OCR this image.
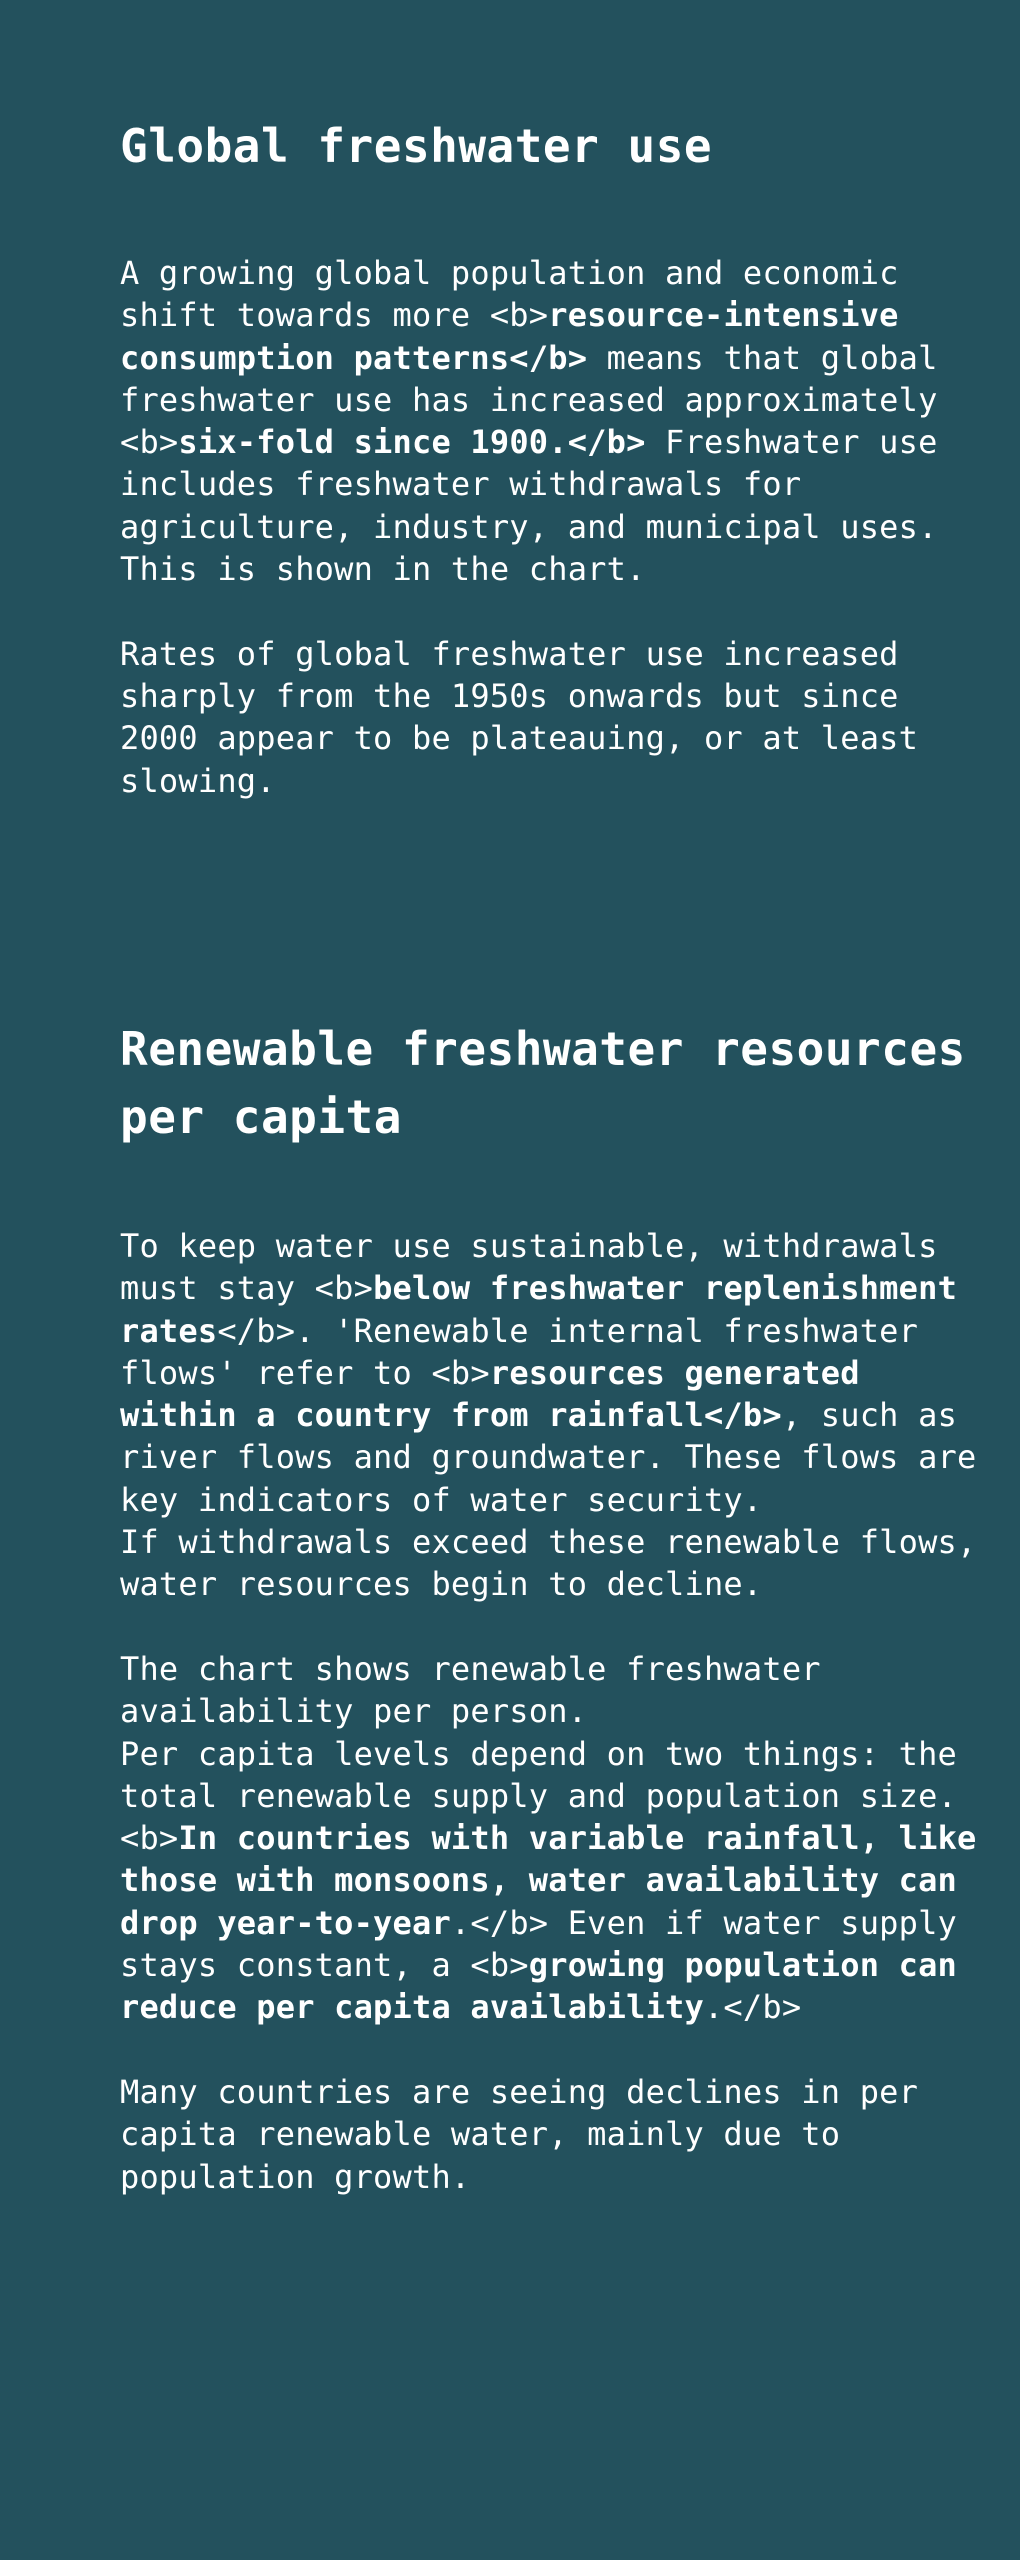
Global freshwater use

A growing global population and economic shift towards more <b>resource-intensive consumption patterns</b> means that global freshwater use has increased approximately <b>six-fold since 1900.</b> Freshwater use includes freshwater withdrawals for agriculture, industry, and municipal uses. This is shown in the chart.

Rates of global freshwater use increased sharply from the 1950s onwards but since 2000 appear to be plateauing, or at least slowing.

Renewable freshwater resources per capita

To keep water use sustainable, withdrawals must stay <b>below freshwater replenishment rates</b>. 'Renewable internal freshwater flows' refer to <b>resources generated within a country from rainfall</b>, such as river flows and groundwater. These flows are key indicators of water security.

If withdrawals exceed these renewable flows, water resources begin to decline.

The chart shows renewable freshwater availability per person.

Per capita levels depend on two things: the total renewable supply and population size. <b>In countries with variable rainfall, like those with monsoons, water availability can drop year-to-year.</b> Even if water supply stays constant, a <b>growing population can reduce per capita availability.</b>

Many countries are seeing declines in per capita renewable water, mainly due to population growth.
